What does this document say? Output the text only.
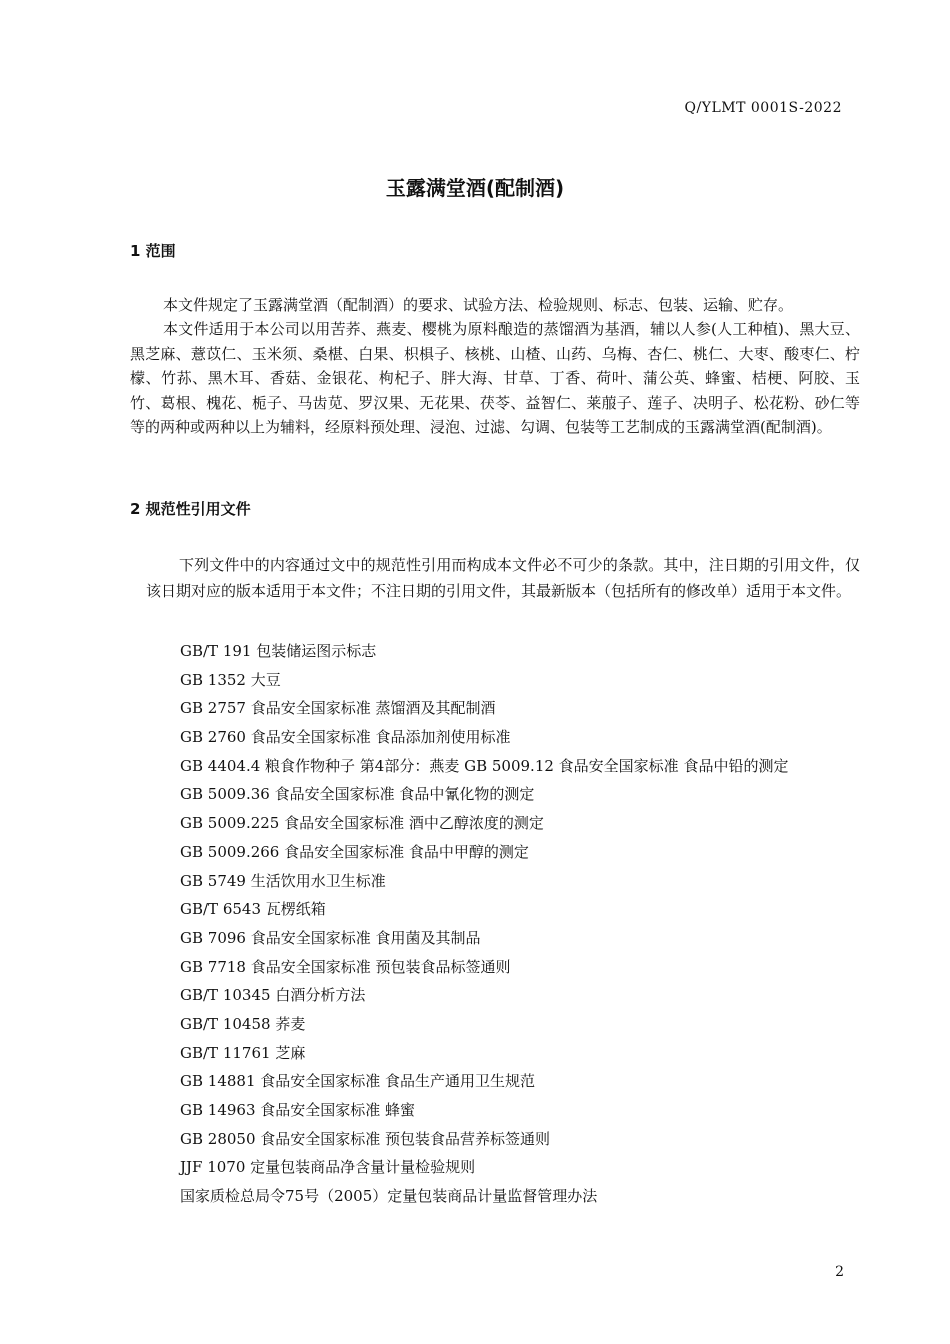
Q/YLMT 0001S-2022
玉露满堂酒(配制酒)
1 范围

本文件规定了玉露满堂酒（配制酒）的要求、试验方法、检验规则、标志、包装、运输、贮存。

本文件适用于本公司以用苦荞、燕麦、樱桃为原料酿造的蒸馏酒为基酒，辅以人参(人工种植)、黑大豆、黑芝麻、薏苡仁、玉米须、桑椹、白果、枳椇子、核桃、山楂、山药、乌梅、杏仁、桃仁、大枣、酸枣仁、柠檬、竹荪、黑木耳、香菇、金银花、枸杞子、胖大海、甘草、丁香、荷叶、蒲公英、蜂蜜、桔梗、阿胶、玉竹、葛根、槐花、栀子、马齿苋、罗汉果、无花果、茯苓、益智仁、莱菔子、莲子、决明子、松花粉、砂仁等等的两种或两种以上为辅料，经原料预处理、浸泡、过滤、勾调、包装等工艺制成的玉露满堂酒(配制酒)。

2 规范性引用文件

下列文件中的内容通过文中的规范性引用而构成本文件必不可少的条款。其中，注日期的引用文件，仅该日期对应的版本适用于本文件；不注日期的引用文件，其最新版本（包括所有的修改单）适用于本文件。

GB/T 191 包装储运图示标志
GB 1352 大豆
GB 2757 食品安全国家标准 蒸馏酒及其配制酒
GB 2760 食品安全国家标准 食品添加剂使用标准
GB 4404.4 粮食作物种子 第4部分：燕麦 GB 5009.12 食品安全国家标准 食品中铅的测定
GB 5009.36 食品安全国家标准 食品中氰化物的测定
GB 5009.225 食品安全国家标准 酒中乙醇浓度的测定
GB 5009.266 食品安全国家标准 食品中甲醇的测定
GB 5749 生活饮用水卫生标准
GB/T 6543 瓦楞纸箱
GB 7096 食品安全国家标准 食用菌及其制品
GB 7718 食品安全国家标准 预包装食品标签通则
GB/T 10345 白酒分析方法
GB/T 10458 荞麦
GB/T 11761 芝麻
GB 14881 食品安全国家标准 食品生产通用卫生规范
GB 14963 食品安全国家标准 蜂蜜
GB 28050 食品安全国家标准 预包装食品营养标签通则
JJF 1070 定量包装商品净含量计量检验规则
国家质检总局令75号（2005）定量包装商品计量监督管理办法
2
